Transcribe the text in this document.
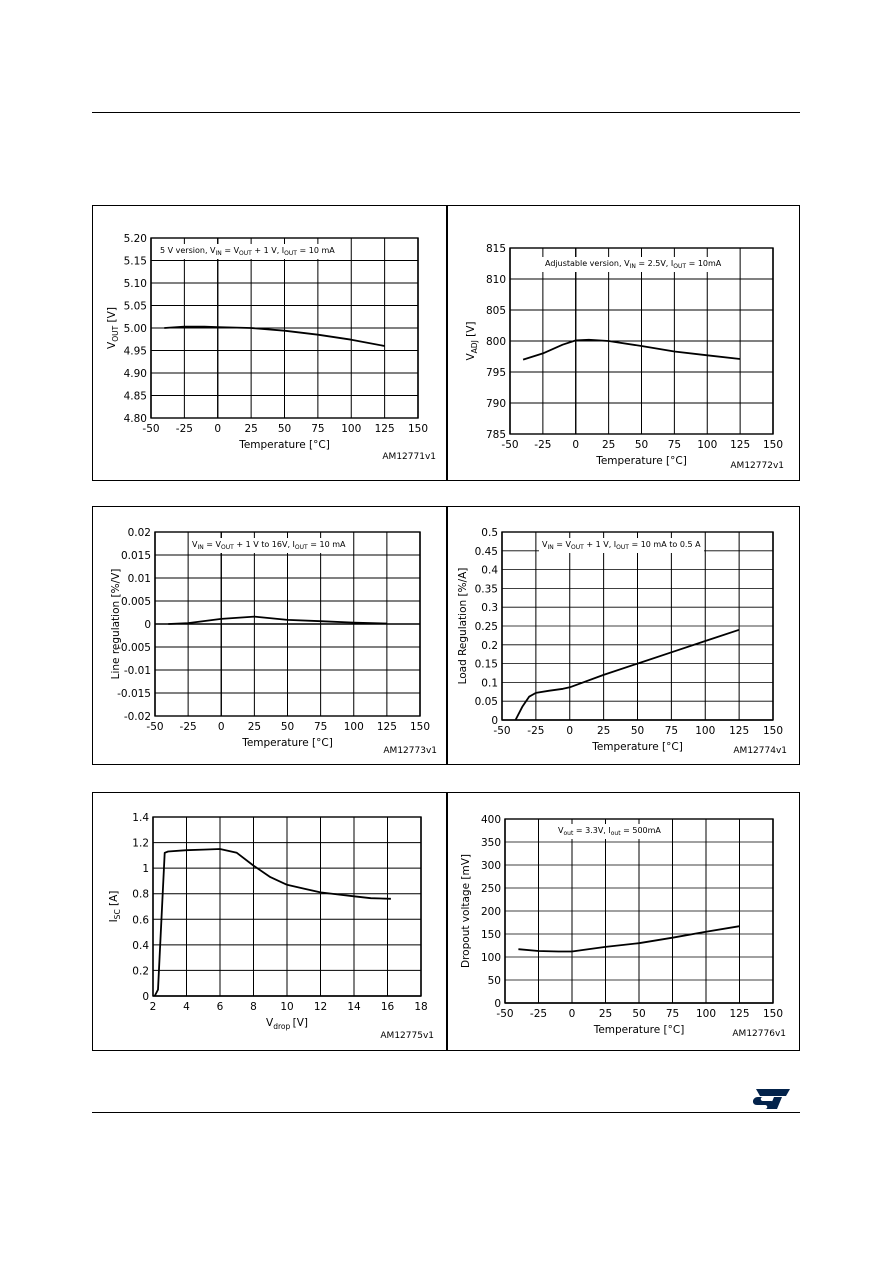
-50 -25 0 25 50 75 100 125 150
4.80
4.85
4.90
4.95
5.00
5.05
5.10
5.15
5.20
5 V version, $V_{IN} = V_{OUT} + 1$ V, $I_{OUT} = 10$ mA
Temperature [°C]
$V_{OUT}$ [V]
AM12771v1
-50 -25 0 25 50 75 100 125 150
785
790
795
800
805
810
815
Adjustable version, $V_{IN} = 2.5V$, $I_{OUT} = 10mA$
Temperature [°C]
$V_{ADJ}$ [V]
AM12772v1
-50 -25 0 25 50 75 100 125 150
-0.02
-0.015
-0.01
-0.005
0
0.005
0.01
0.015
0.02
$V_{IN} = V_{OUT} + 1$ V to 16V, $I_{OUT} = 10$ mA
Temperature [°C]
Line regulation [%/V]
AM12773v1
-50 -25 0 25 50 75 100 125 150
0
0.05
0.1
0.15
0.2
0.25
0.3
0.35
0.4
0.45
0.5
$V_{IN} = V_{OUT} + 1$ V, $I_{OUT} = 10$ mA to 0.5 A
Temperature [°C]
Load Regulation [%/A]
AM12774v1
2	4	6	8 10 12 14 16 18
0
0.2
0.4
0.6
0.8
1
1.2
1.4
$V_{drop}$ [V]
$I_{SC}$ [A]
AM12775v1
-50 -25 0 25 50 75 100 125 150
0
50
100
150
200
250
300
350
400
$V_{out} = 3.3V$, $I_{out} = 500mA$
Temperature [°C]
Dropout voltage [mV]
AM12776v1
